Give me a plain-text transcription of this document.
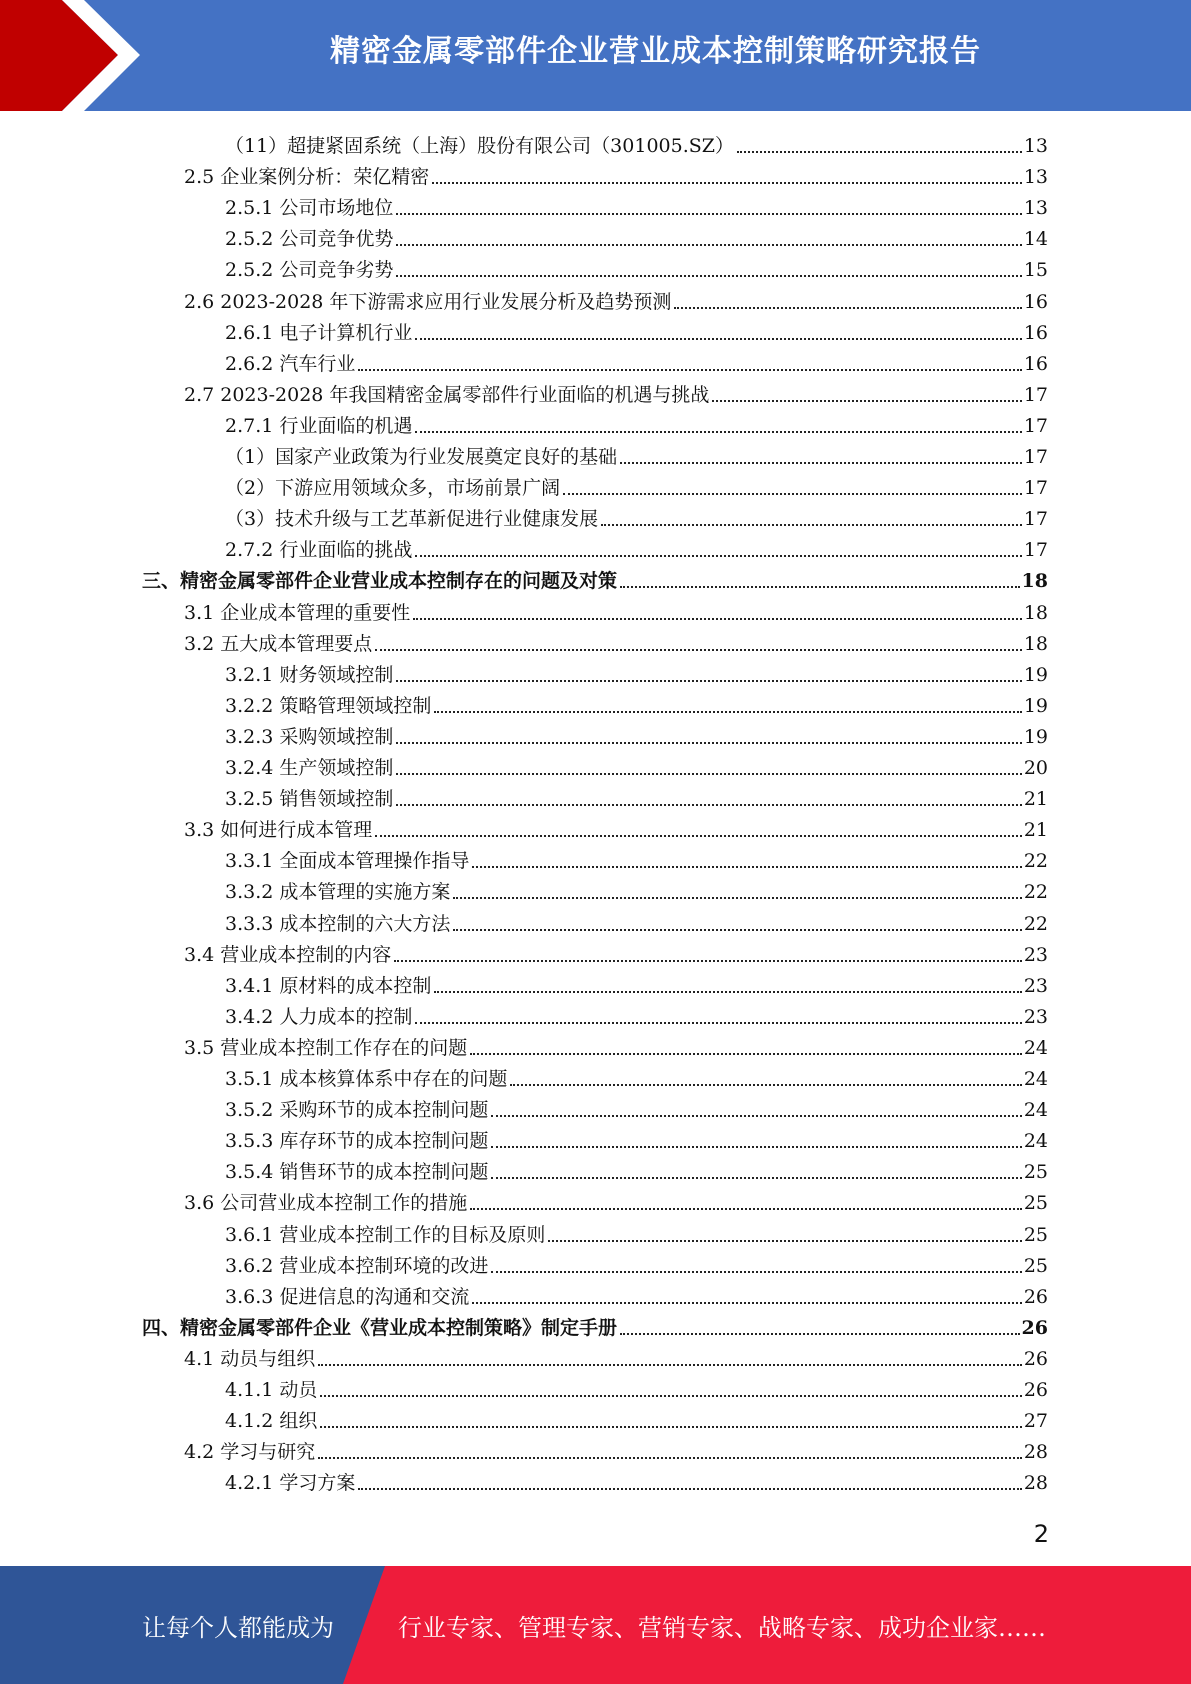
精密金属零部件企业营业成本控制策略研究报告
（11）超捷紧固系统（上海）股份有限公司（301005.SZ）	13
2.5 企业案例分析：荣亿精密	13
2.5.1 公司市场地位	13
2.5.2 公司竞争优势	14
2.5.2 公司竞争劣势	15
2.6 2023-2028 年下游需求应用行业发展分析及趋势预测	16
2.6.1 电子计算机行业	16
2.6.2 汽车行业	16
2.7 2023-2028 年我国精密金属零部件行业面临的机遇与挑战	17
2.7.1 行业面临的机遇	17
（1）国家产业政策为行业发展奠定良好的基础	17
（2）下游应用领域众多，市场前景广阔	17
（3）技术升级与工艺革新促进行业健康发展	17
2.7.2 行业面临的挑战	17
三、精密金属零部件企业营业成本控制存在的问题及对策	18
3.1 企业成本管理的重要性	18
3.2 五大成本管理要点	18
3.2.1 财务领域控制	19
3.2.2 策略管理领域控制	19
3.2.3 采购领域控制	19
3.2.4 生产领域控制	20
3.2.5 销售领域控制	21
3.3 如何进行成本管理	21
3.3.1 全面成本管理操作指导	22
3.3.2 成本管理的实施方案	22
3.3.3 成本控制的六大方法	22
3.4 营业成本控制的内容	23
3.4.1 原材料的成本控制	23
3.4.2 人力成本的控制	23
3.5 营业成本控制工作存在的问题	24
3.5.1 成本核算体系中存在的问题	24
3.5.2 采购环节的成本控制问题	24
3.5.3 库存环节的成本控制问题	24
3.5.4 销售环节的成本控制问题	25
3.6 公司营业成本控制工作的措施	25
3.6.1 营业成本控制工作的目标及原则	25
3.6.2 营业成本控制环境的改进	25
3.6.3 促进信息的沟通和交流	26
四、精密金属零部件企业《营业成本控制策略》制定手册	26
4.1 动员与组织	26
4.1.1 动员	26
4.1.2 组织	27
4.2 学习与研究	28
4.2.1 学习方案	28
2
让每个人都能成为	行业专家、管理专家、营销专家、战略专家、成功企业家……
